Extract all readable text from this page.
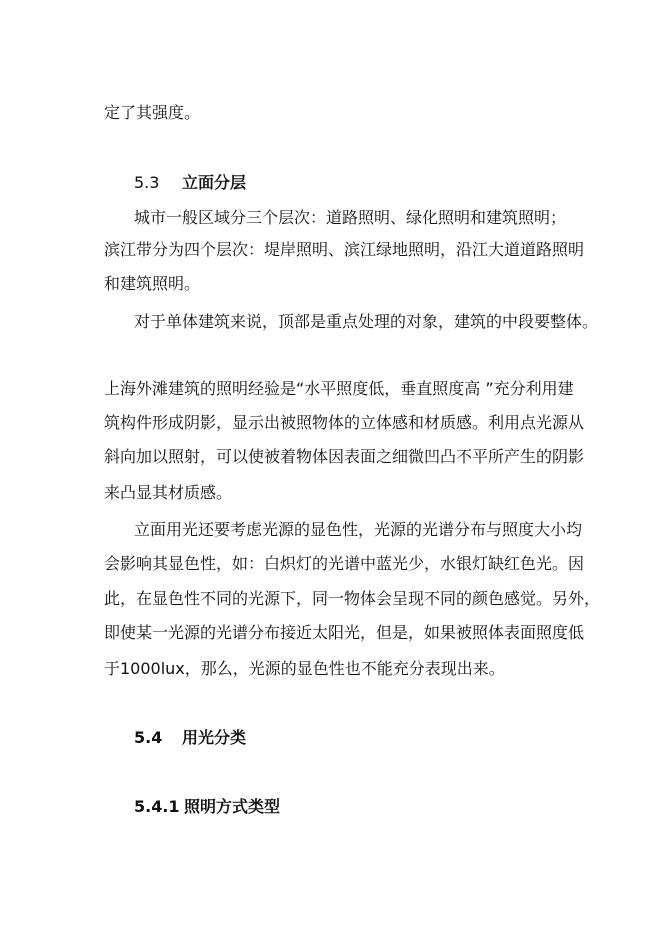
定了其强度。
5.3 立面分层
城市一般区域分三个层次：道路照明、绿化照明和建筑照明；
滨江带分为四个层次：堤岸照明、滨江绿地照明，沿江大道道路照明
和建筑照明。
对于单体建筑来说，顶部是重点处理的对象，建筑的中段要整体。
上海外滩建筑的照明经验是“水平照度低，垂直照度高 ”充分利用建
筑构件形成阴影，显示出被照物体的立体感和材质感。利用点光源从
斜向加以照射，可以使被着物体因表面之细微凹凸不平所产生的阴影
来凸显其材质感。
立面用光还要考虑光源的显色性，光源的光谱分布与照度大小均
会影响其显色性，如：白炽灯的光谱中蓝光少，水银灯缺红色光。因
此，在显色性不同的光源下，同一物体会呈现不同的颜色感觉。另外，
即使某一光源的光谱分布接近太阳光，但是，如果被照体表面照度低
于1000lux，那么，光源的显色性也不能充分表现出来。
5.4 用光分类
5.4.1 照明方式类型
